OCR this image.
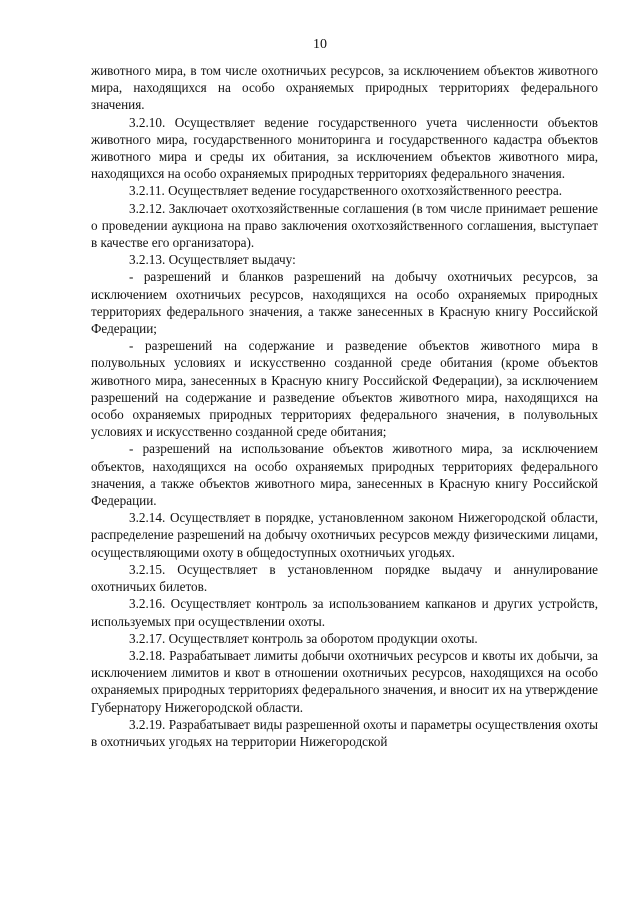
10

животного мира, в том числе охотничьих ресурсов, за исключением объектов животного мира, находящихся на особо охраняемых природных территориях федерального значения.

3.2.10. Осуществляет ведение государственного учета численности объектов животного мира, государственного мониторинга и государственного кадастра объектов животного мира и среды их обитания, за исключением объектов животного мира, находящихся на особо охраняемых природных территориях федерального значения.

3.2.11. Осуществляет ведение государственного охотхозяйственного реестра.

3.2.12. Заключает охотхозяйственные соглашения (в том числе принимает решение о проведении аукциона на право заключения охотхозяйственного соглашения, выступает в качестве его организатора).

3.2.13. Осуществляет выдачу:

- разрешений и бланков разрешений на добычу охотничьих ресурсов, за исключением охотничьих ресурсов, находящихся на особо охраняемых природных территориях федерального значения, а также занесенных в Красную книгу Российской Федерации;

- разрешений на содержание и разведение объектов животного мира в полувольных условиях и искусственно созданной среде обитания (кроме объектов животного мира, занесенных в Красную книгу Российской Федерации), за исключением разрешений на содержание и разведение объектов животного мира, находящихся на особо охраняемых природных территориях федерального значения, в полувольных условиях и искусственно созданной среде обитания;

- разрешений на использование объектов животного мира, за исключением объектов, находящихся на особо охраняемых природных территориях федерального значения, а также объектов животного мира, занесенных в Красную книгу Российской Федерации.

3.2.14. Осуществляет в порядке, установленном законом Нижегородской области, распределение разрешений на добычу охотничьих ресурсов между физическими лицами, осуществляющими охоту в общедоступных охотничьих угодьях.

3.2.15. Осуществляет в установленном порядке выдачу и аннулирование охотничьих билетов.

3.2.16. Осуществляет контроль за использованием капканов и других устройств, используемых при осуществлении охоты.

3.2.17. Осуществляет контроль за оборотом продукции охоты.

3.2.18. Разрабатывает лимиты добычи охотничьих ресурсов и квоты их добычи, за исключением лимитов и квот в отношении охотничьих ресурсов, находящихся на особо охраняемых природных территориях федерального значения, и вносит их на утверждение Губернатору Нижегородской области.

3.2.19. Разрабатывает виды разрешенной охоты и параметры осуществления охоты в охотничьих угодьях на территории Нижегородской
